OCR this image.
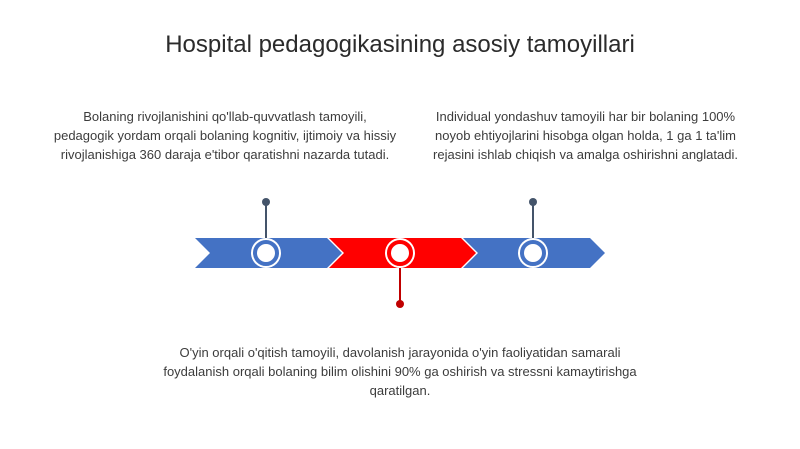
Hospital pedagogikasining asosiy tamoyillari
Bolaning rivojlanishini qo'llab-quvvatlash tamoyili, pedagogik yordam orqali bolaning kognitiv, ijtimoiy va hissiy rivojlanishiga 360 daraja e'tibor qaratishni nazarda tutadi.
Individual yondashuv tamoyili har bir bolaning 100% noyob ehtiyojlarini hisobga olgan holda, 1 ga 1 ta'lim rejasini ishlab chiqish va amalga oshirishni anglatadi.
O'yin orqali o'qitish tamoyili, davolanish jarayonida o'yin faoliyatidan samarali foydalanish orqali bolaning bilim olishini 90% ga oshirish va stressni kamaytirishga qaratilgan.
